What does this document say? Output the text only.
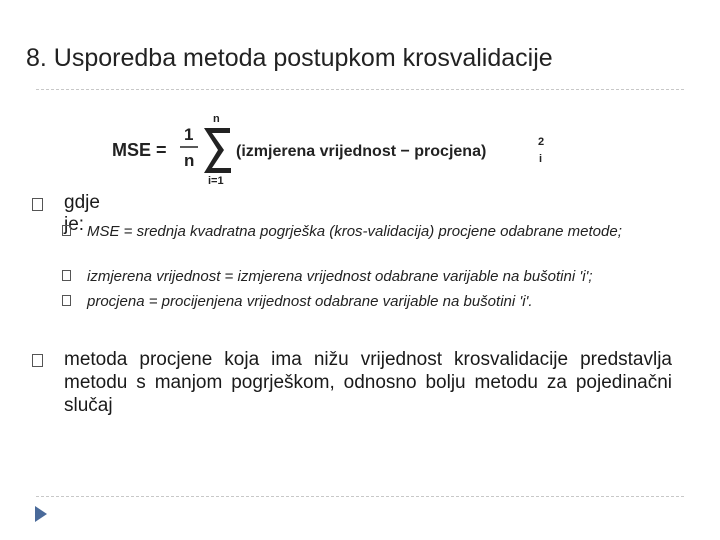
8. Usporedba metoda postupkom krosvalidacije
MSE =
1
n
n
i=1
(izmjerena vrijednost − procjena)
2
i
gdje je: MSE = srednja kvadratna pogrješka (kros-validacija) procjene odabrane metode;
izmjerena vrijednost = izmjerena vrijednost odabrane varijable na bušotini 'i';
procjena = procijenjena vrijednost odabrane varijable na bušotini 'i'.
metoda procjene koja ima nižu vrijednost krosvalidacije predstavlja metodu s manjom pogrješkom, odnosno bolju metodu za pojedinačni slučaj
